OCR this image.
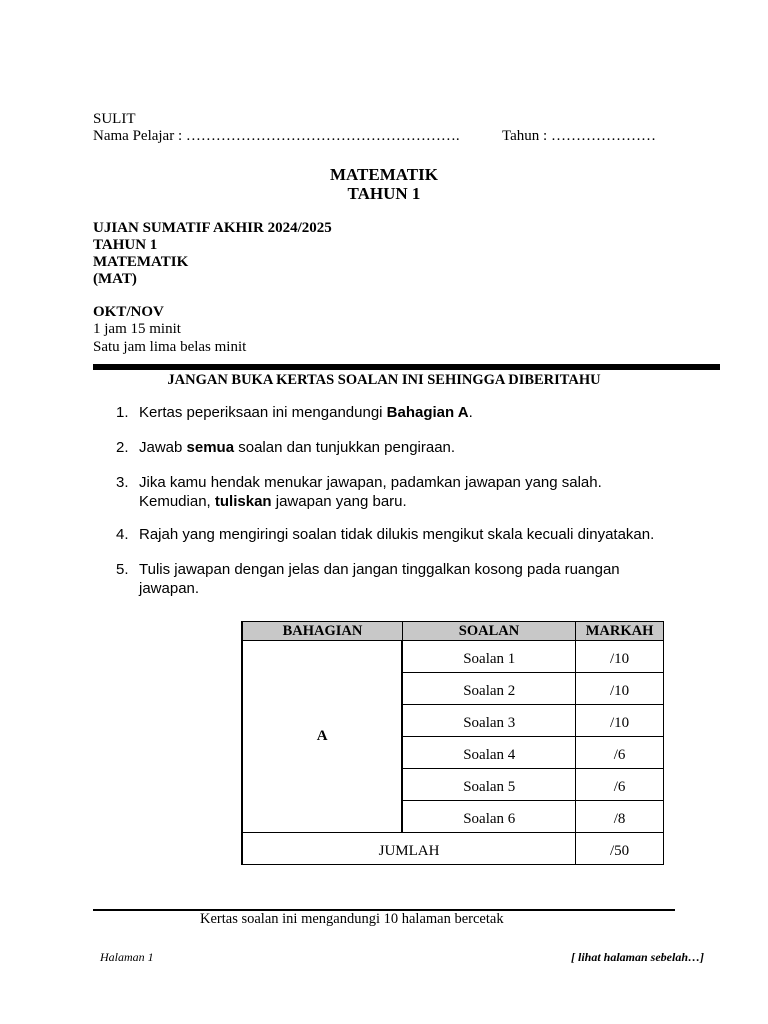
SULIT
Nama Pelajar : ……………………………………………….	Tahun : …………………
MATEMATIK
TAHUN 1
UJIAN SUMATIF AKHIR 2024/2025
TAHUN 1
MATEMATIK
(MAT)
OKT/NOV
1 jam 15 minit
Satu jam lima belas minit
JANGAN BUKA KERTAS SOALAN INI SEHINGGA DIBERITAHU
1. Kertas peperiksaan ini mengandungi Bahagian A.
2. Jawab semua soalan dan tunjukkan pengiraan.
3. Jika kamu hendak menukar jawapan, padamkan jawapan yang salah. Kemudian, tuliskan jawapan yang baru.
4. Rajah yang mengiringi soalan tidak dilukis mengikut skala kecuali dinyatakan.
5. Tulis jawapan dengan jelas dan jangan tinggalkan kosong pada ruangan jawapan.
BAHAGIAN	SOALAN	MARKAH
A	Soalan 1	/10
	Soalan 2	/10
	Soalan 3	/10
	Soalan 4	/6
	Soalan 5	/6
	Soalan 6	/8
JUMLAH		/50
Kertas soalan ini mengandungi 10 halaman bercetak
Halaman 1	[ lihat halaman sebelah…]
